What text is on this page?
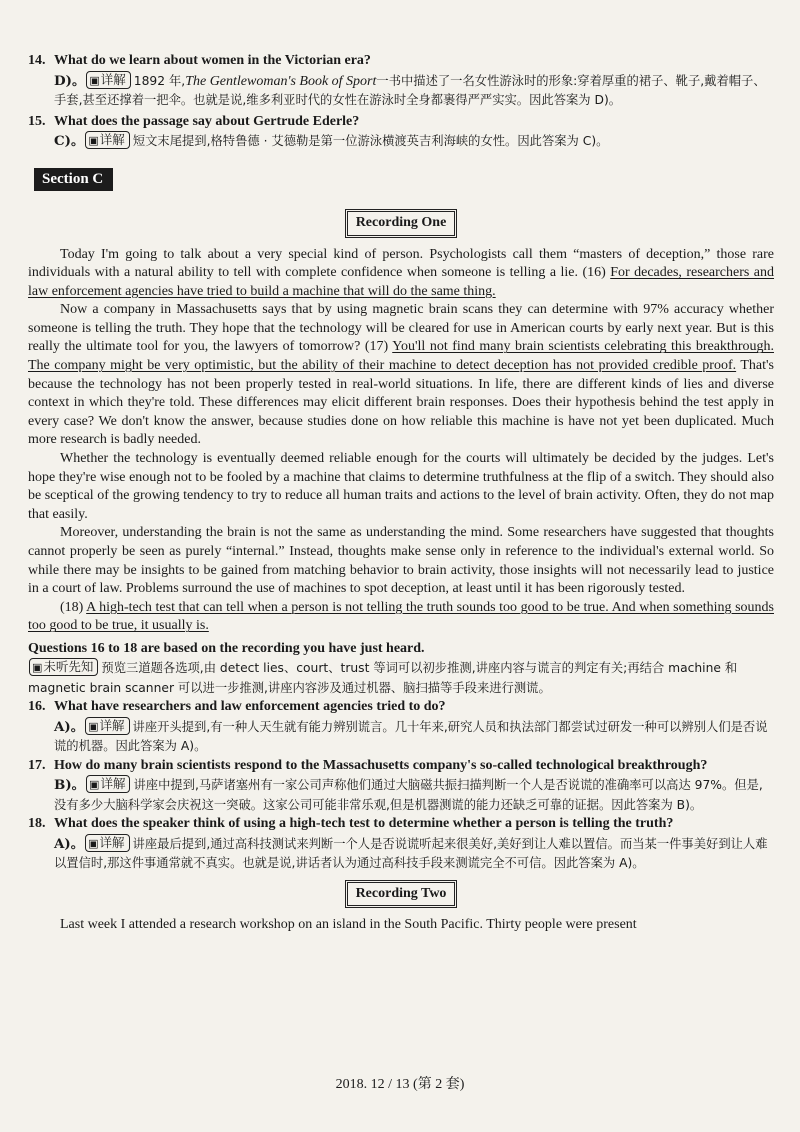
14. What do we learn about women in the Victorian era?
D)。 ▣详解 1892 年,The Gentlewoman's Book of Sport一书中描述了一名女性游泳时的形象:穿着厚重的裙子、靴子,戴着帽子、手套,甚至还撑着一把伞。也就是说,维多利亚时代的女性在游泳时全身都裹得严严实实。因此答案为 D)。
15. What does the passage say about Gertrude Ederle?
C)。 ▣详解 短文末尾提到,格特鲁德 · 艾德勒是第一位游泳横渡英吉利海峡的女性。因此答案为 C)。
Section C
Recording One

Today I'm going to talk about a very special kind of person. Psychologists call them “masters of deception,” those rare individuals with a natural ability to tell with complete confidence when someone is telling a lie. (16) For decades, researchers and law enforcement agencies have tried to build a machine that will do the same thing.

Now a company in Massachusetts says that by using magnetic brain scans they can determine with 97% accuracy whether someone is telling the truth. They hope that the technology will be cleared for use in American courts by early next year. But is this really the ultimate tool for you, the lawyers of tomorrow? (17) You'll not find many brain scientists celebrating this breakthrough. The company might be very optimistic, but the ability of their machine to detect deception has not provided credible proof. That's because the technology has not been properly tested in real-world situations. In life, there are different kinds of lies and diverse context in which they're told. These differences may elicit different brain responses. Does their hypothesis behind the test apply in every case? We don't know the answer, because studies done on how reliable this machine is have not yet been duplicated. Much more research is badly needed.

Whether the technology is eventually deemed reliable enough for the courts will ultimately be decided by the judges. Let's hope they're wise enough not to be fooled by a machine that claims to determine truthfulness at the flip of a switch. They should also be sceptical of the growing tendency to try to reduce all human traits and actions to the level of brain activity. Often, they do not map that easily.

Moreover, understanding the brain is not the same as understanding the mind. Some researchers have suggested that thoughts cannot properly be seen as purely “internal.” Instead, thoughts make sense only in reference to the individual's external world. So while there may be insights to be gained from matching behavior to brain activity, those insights will not necessarily lead to justice in a court of law. Problems surround the use of machines to spot deception, at least until it has been rigorously tested.

(18) A high-tech test that can tell when a person is not telling the truth sounds too good to be true. And when something sounds too good to be true, it usually is.

Questions 16 to 18 are based on the recording you have just heard.
▣未听先知 预览三道题各选项,由 detect lies、court、trust 等词可以初步推测,讲座内容与谎言的判定有关;再结合 machine 和 magnetic brain scanner 可以进一步推测,讲座内容涉及通过机器、脑扫描等手段来进行测谎。
16. What have researchers and law enforcement agencies tried to do?
A)。 ▣详解 讲座开头提到,有一种人天生就有能力辨别谎言。几十年来,研究人员和执法部门都尝试过研发一种可以辨别人们是否说谎的机器。因此答案为 A)。
17. How do many brain scientists respond to the Massachusetts company's so-called technological breakthrough?
B)。 ▣详解 讲座中提到,马萨诸塞州有一家公司声称他们通过大脑磁共振扫描判断一个人是否说谎的准确率可以高达 97%。但是,没有多少大脑科学家会庆祝这一突破。这家公司可能非常乐观,但是机器测谎的能力还缺乏可靠的证据。因此答案为 B)。
18. What does the speaker think of using a high-tech test to determine whether a person is telling the truth?
A)。 ▣详解 讲座最后提到,通过高科技测试来判断一个人是否说谎听起来很美好,美好到让人难以置信。而当某一件事美好到让人难以置信时,那这件事通常就不真实。也就是说,讲话者认为通过高科技手段来测谎完全不可信。因此答案为 A)。
Recording Two

Last week I attended a research workshop on an island in the South Pacific. Thirty people were present

2018. 12 / 13 (第 2 套)
